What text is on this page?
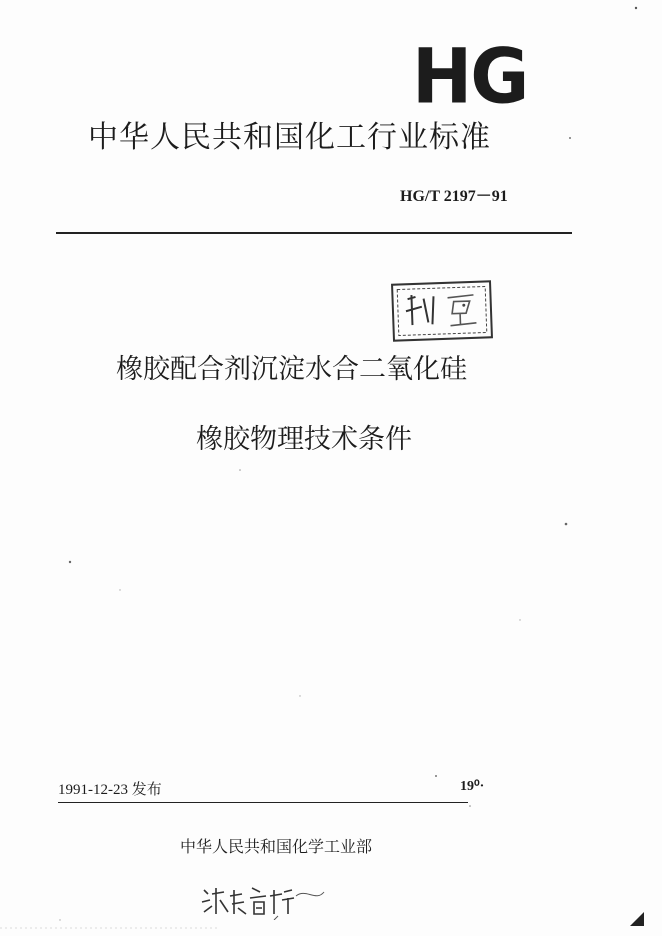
HG
中华人民共和国化工行业标准
HG/T 2197－91
橡胶配合剂沉淀水合二氧化硅
橡胶物理技术条件
1991-12-23 发布	19⁰·
中华人民共和国化学工业部
